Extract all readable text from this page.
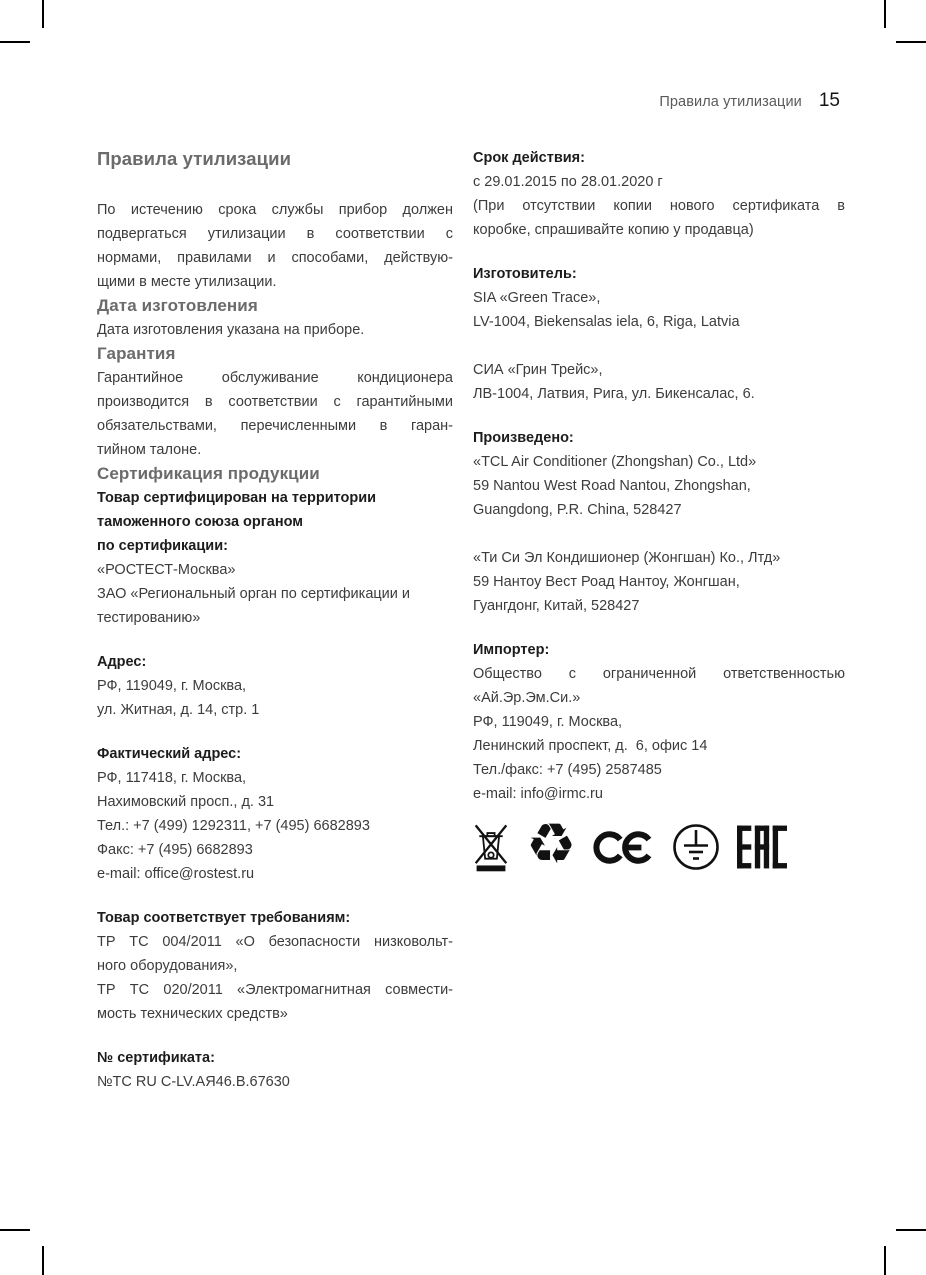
Правила утилизации 15
Правила утилизации
По истечению срока службы прибор должен
подвергаться утилизации в соответствии с
нормами, правилами и способами, действую-
щими в месте утилизации.
Дата изготовления
Дата изготовления указана на приборе.
Гарантия
Гарантийное обслуживание кондиционера
производится в соответствии с гарантийными
обязательствами, перечисленными в гаран-
тийном талоне.
Сертификация продукции
Товар сертифицирован на территории
таможенного союза органом
по сертификации:
«РОСТЕСТ-Москва»
ЗАО «Региональный орган по сертификации и
тестированию»
Адрес:
РФ, 119049, г. Москва,
ул. Житная, д. 14, стр. 1
Фактический адрес:
РФ, 117418, г. Москва,
Нахимовский просп., д. 31
Тел.: +7 (499) 1292311, +7 (495) 6682893
Факс: +7 (495) 6682893
e-mail: office@rostest.ru
Товар соответствует требованиям:
ТР ТС 004/2011 «О безопасности низковольт-
ного оборудования»,
ТР ТС 020/2011 «Электромагнитная совмести-
мость технических средств»
№ сертификата:
№ТС RU C-LV.АЯ46.В.67630
Срок действия:
с 29.01.2015 по 28.01.2020 г
(При отсутствии копии нового сертификата в
коробке, спрашивайте копию у продавца)
Изготовитель:
SIA «Green Trace»,
LV-1004, Biekensalas iela, 6, Riga, Latvia
СИА «Грин Трейс»,
ЛВ-1004, Латвия, Рига, ул. Бикенсалас, 6.
Произведено:
«TCL Air Conditioner (Zhongshan) Co., Ltd»
59 Nantou West Road Nantou, Zhongshan,
Guangdong, P.R. China, 528427
«Ти Си Эл Кондишионер (Жонгшан) Ко., Лтд»
59 Нантоу Вест Роад Нантоу, Жонгшан,
Гуангдонг, Китай, 528427
Импортер:
Общество с ограниченной ответственностью
«Ай.Эр.Эм.Си.»
РФ, 119049, г. Москва,
Ленинский проспект, д.  6, офис 14
Тел./факс: +7 (495) 2587485
e-mail: info@irmc.ru
♻
